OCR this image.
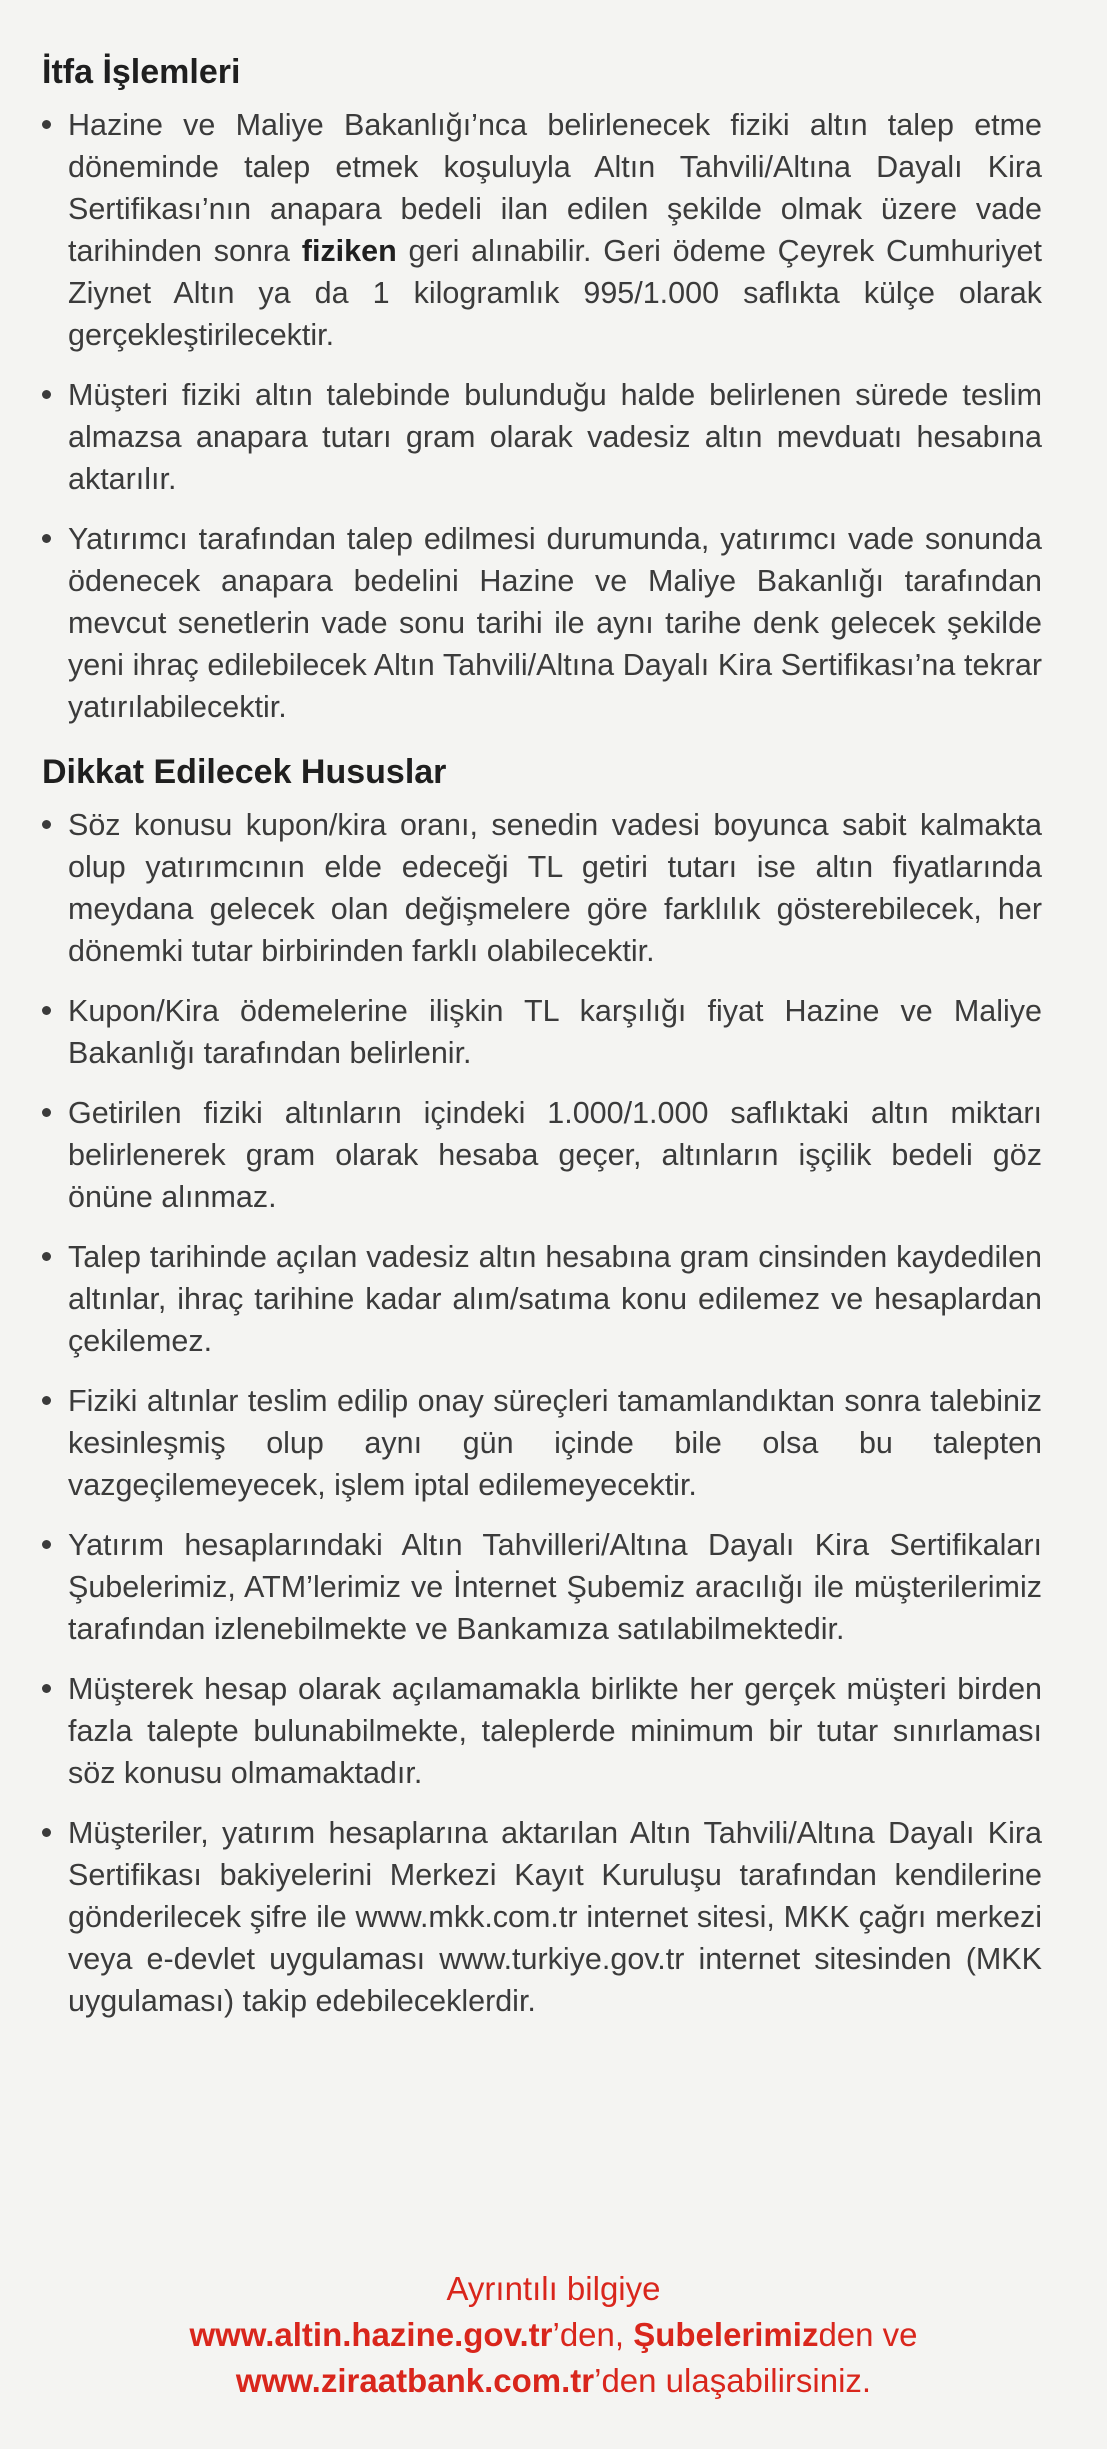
İtfa İşlemleri
Hazine ve Maliye Bakanlığı’nca belirlenecek fiziki altın talep etme döneminde talep etmek koşuluyla Altın Tahvili/Altına Dayalı Kira Sertifikası’nın anapara bedeli ilan edilen şekilde olmak üzere vade tarihinden sonra fiziken geri alınabilir. Geri ödeme Çeyrek Cumhuriyet Ziynet Altın ya da 1 kilogramlık 995/1.000 saflıkta külçe olarak gerçekleştirilecektir.
Müşteri fiziki altın talebinde bulunduğu halde belirlenen sürede teslim almazsa anapara tutarı gram olarak vadesiz altın mevduatı hesabına aktarılır.
Yatırımcı tarafından talep edilmesi durumunda, yatırımcı vade sonunda ödenecek anapara bedelini Hazine ve Maliye Bakanlığı tarafından mevcut senetlerin vade sonu tarihi ile aynı tarihe denk gelecek şekilde yeni ihraç edilebilecek Altın Tahvili/Altına Dayalı Kira Sertifikası’na tekrar yatırılabilecektir.
Dikkat Edilecek Hususlar
Söz konusu kupon/kira oranı, senedin vadesi boyunca sabit kalmakta olup yatırımcının elde edeceği TL getiri tutarı ise altın fiyatlarında meydana gelecek olan değişmelere göre farklılık gösterebilecek, her dönemki tutar birbirinden farklı olabilecektir.
Kupon/Kira ödemelerine ilişkin TL karşılığı fiyat Hazine ve Maliye Bakanlığı tarafından belirlenir.
Getirilen fiziki altınların içindeki 1.000/1.000 saflıktaki altın miktarı belirlenerek gram olarak hesaba geçer, altınların işçilik bedeli göz önüne alınmaz.
Talep tarihinde açılan vadesiz altın hesabına gram cinsinden kaydedilen altınlar, ihraç tarihine kadar alım/satıma konu edilemez ve hesaplardan çekilemez.
Fiziki altınlar teslim edilip onay süreçleri tamamlandıktan sonra talebiniz kesinleşmiş olup aynı gün içinde bile olsa bu talepten vazgeçilemeyecek, işlem iptal edilemeyecektir.
Yatırım hesaplarındaki Altın Tahvilleri/Altına Dayalı Kira Sertifikaları Şubelerimiz, ATM’lerimiz ve İnternet Şubemiz aracılığı ile müşterilerimiz tarafından izlenebilmekte ve Bankamıza satılabilmektedir.
Müşterek hesap olarak açılamamakla birlikte her gerçek müşteri birden fazla talepte bulunabilmekte, taleplerde minimum bir tutar sınırlaması söz konusu olmamaktadır.
Müşteriler, yatırım hesaplarına aktarılan Altın Tahvili/Altına Dayalı Kira Sertifikası bakiyelerini Merkezi Kayıt Kuruluşu tarafından kendilerine gönderilecek şifre ile www.mkk.com.tr internet sitesi, MKK çağrı merkezi veya e-devlet uygulaması www.turkiye.gov.tr internet sitesinden (MKK uygulaması) takip edebileceklerdir.
Ayrıntılı bilgiye
www.altin.hazine.gov.tr’den, Şubelerimizden ve
www.ziraatbank.com.tr’den ulaşabilirsiniz.
